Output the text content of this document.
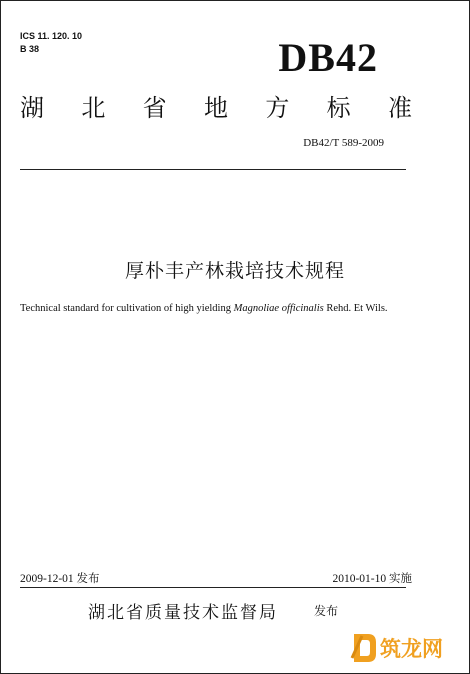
ICS 11. 120. 10
B 38	DB42
湖 北 省 地 方 标 准
DB42/T 589-2009
厚朴丰产林栽培技术规程
Technical standard for cultivation of high yielding Magnoliae officinalis Rehd. Et Wils.
2009-12-01 发布	2010-01-10 实施
湖北省质量技术监督局	发布
筑龙网
